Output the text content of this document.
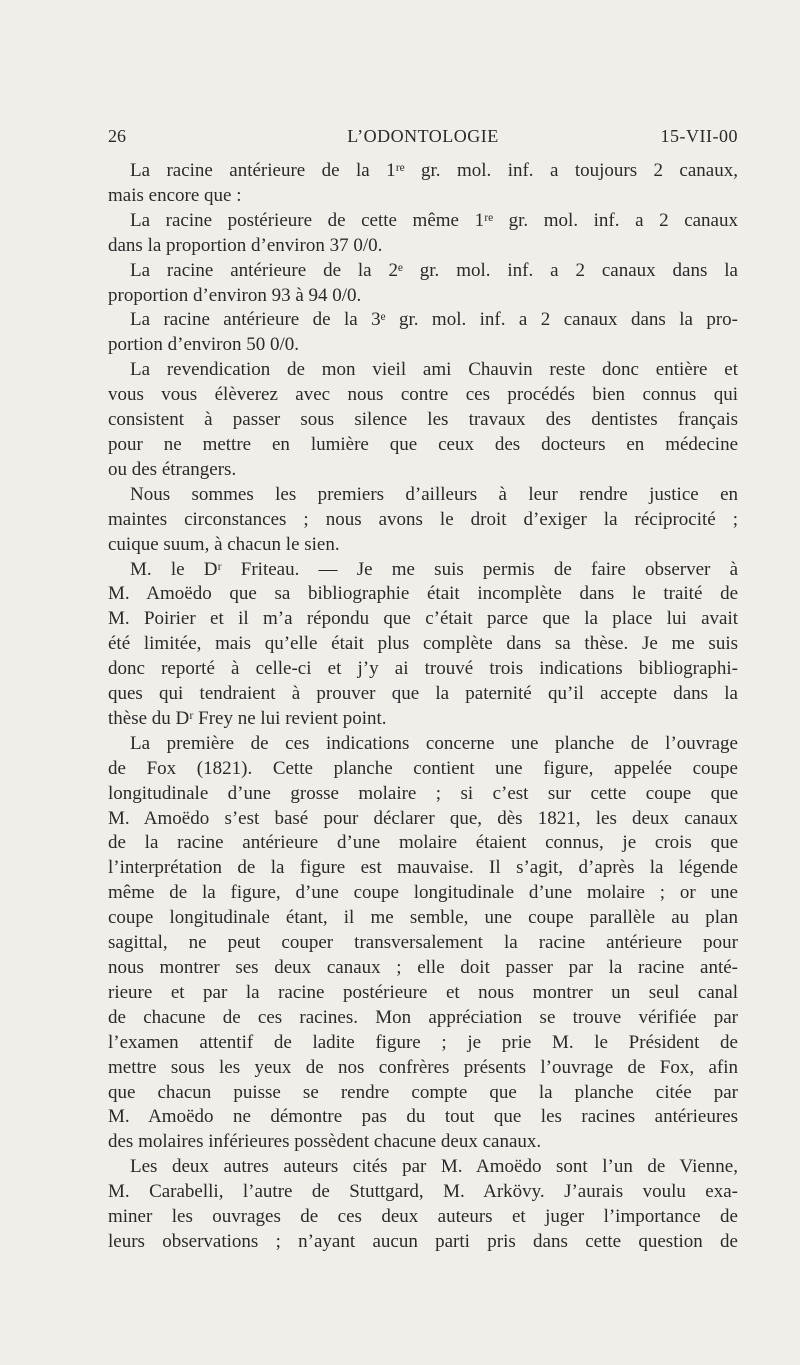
26	L’ODONTOLOGIE	15-VII-00
La racine antérieure de la 1ʳᵉ gr. mol. inf. a toujours 2 canaux,
mais encore que :
La racine postérieure de cette même 1ʳᵉ gr. mol. inf. a 2 canaux
dans la proportion d’environ 37 0/0.
La racine antérieure de la 2ᵉ gr. mol. inf. a 2 canaux dans la
proportion d’environ 93 à 94 0/0.
La racine antérieure de la 3ᵉ gr. mol. inf. a 2 canaux dans la pro-
portion d’environ 50 0/0.
La revendication de mon vieil ami Chauvin reste donc entière et
vous vous élèverez avec nous contre ces procédés bien connus qui
consistent à passer sous silence les travaux des dentistes français
pour ne mettre en lumière que ceux des docteurs en médecine
ou des étrangers.
Nous sommes les premiers d’ailleurs à leur rendre justice en
maintes circonstances ; nous avons le droit d’exiger la réciprocité ;
cuique suum, à chacun le sien.
M. le Dʳ Friteau. — Je me suis permis de faire observer à
M. Amoëdo que sa bibliographie était incomplète dans le traité de
M. Poirier et il m’a répondu que c’était parce que la place lui avait
été limitée, mais qu’elle était plus complète dans sa thèse. Je me suis
donc reporté à celle-ci et j’y ai trouvé trois indications bibliographi-
ques qui tendraient à prouver que la paternité qu’il accepte dans la
thèse du Dʳ Frey ne lui revient point.
La première de ces indications concerne une planche de l’ouvrage
de Fox (1821). Cette planche contient une figure, appelée coupe
longitudinale d’une grosse molaire ; si c’est sur cette coupe que
M. Amoëdo s’est basé pour déclarer que, dès 1821, les deux canaux
de la racine antérieure d’une molaire étaient connus, je crois que
l’interprétation de la figure est mauvaise. Il s’agit, d’après la légende
même de la figure, d’une coupe longitudinale d’une molaire ; or une
coupe longitudinale étant, il me semble, une coupe parallèle au plan
sagittal, ne peut couper transversalement la racine antérieure pour
nous montrer ses deux canaux ; elle doit passer par la racine anté-
rieure et par la racine postérieure et nous montrer un seul canal
de chacune de ces racines. Mon appréciation se trouve vérifiée par
l’examen attentif de ladite figure ; je prie M. le Président de
mettre sous les yeux de nos confrères présents l’ouvrage de Fox, afin
que chacun puisse se rendre compte que la planche citée par
M. Amoëdo ne démontre pas du tout que les racines antérieures
des molaires inférieures possèdent chacune deux canaux.
Les deux autres auteurs cités par M. Amoëdo sont l’un de Vienne,
M. Carabelli, l’autre de Stuttgard, M. Arkövy. J’aurais voulu exa-
miner les ouvrages de ces deux auteurs et juger l’importance de
leurs observations ; n’ayant aucun parti pris dans cette question de
